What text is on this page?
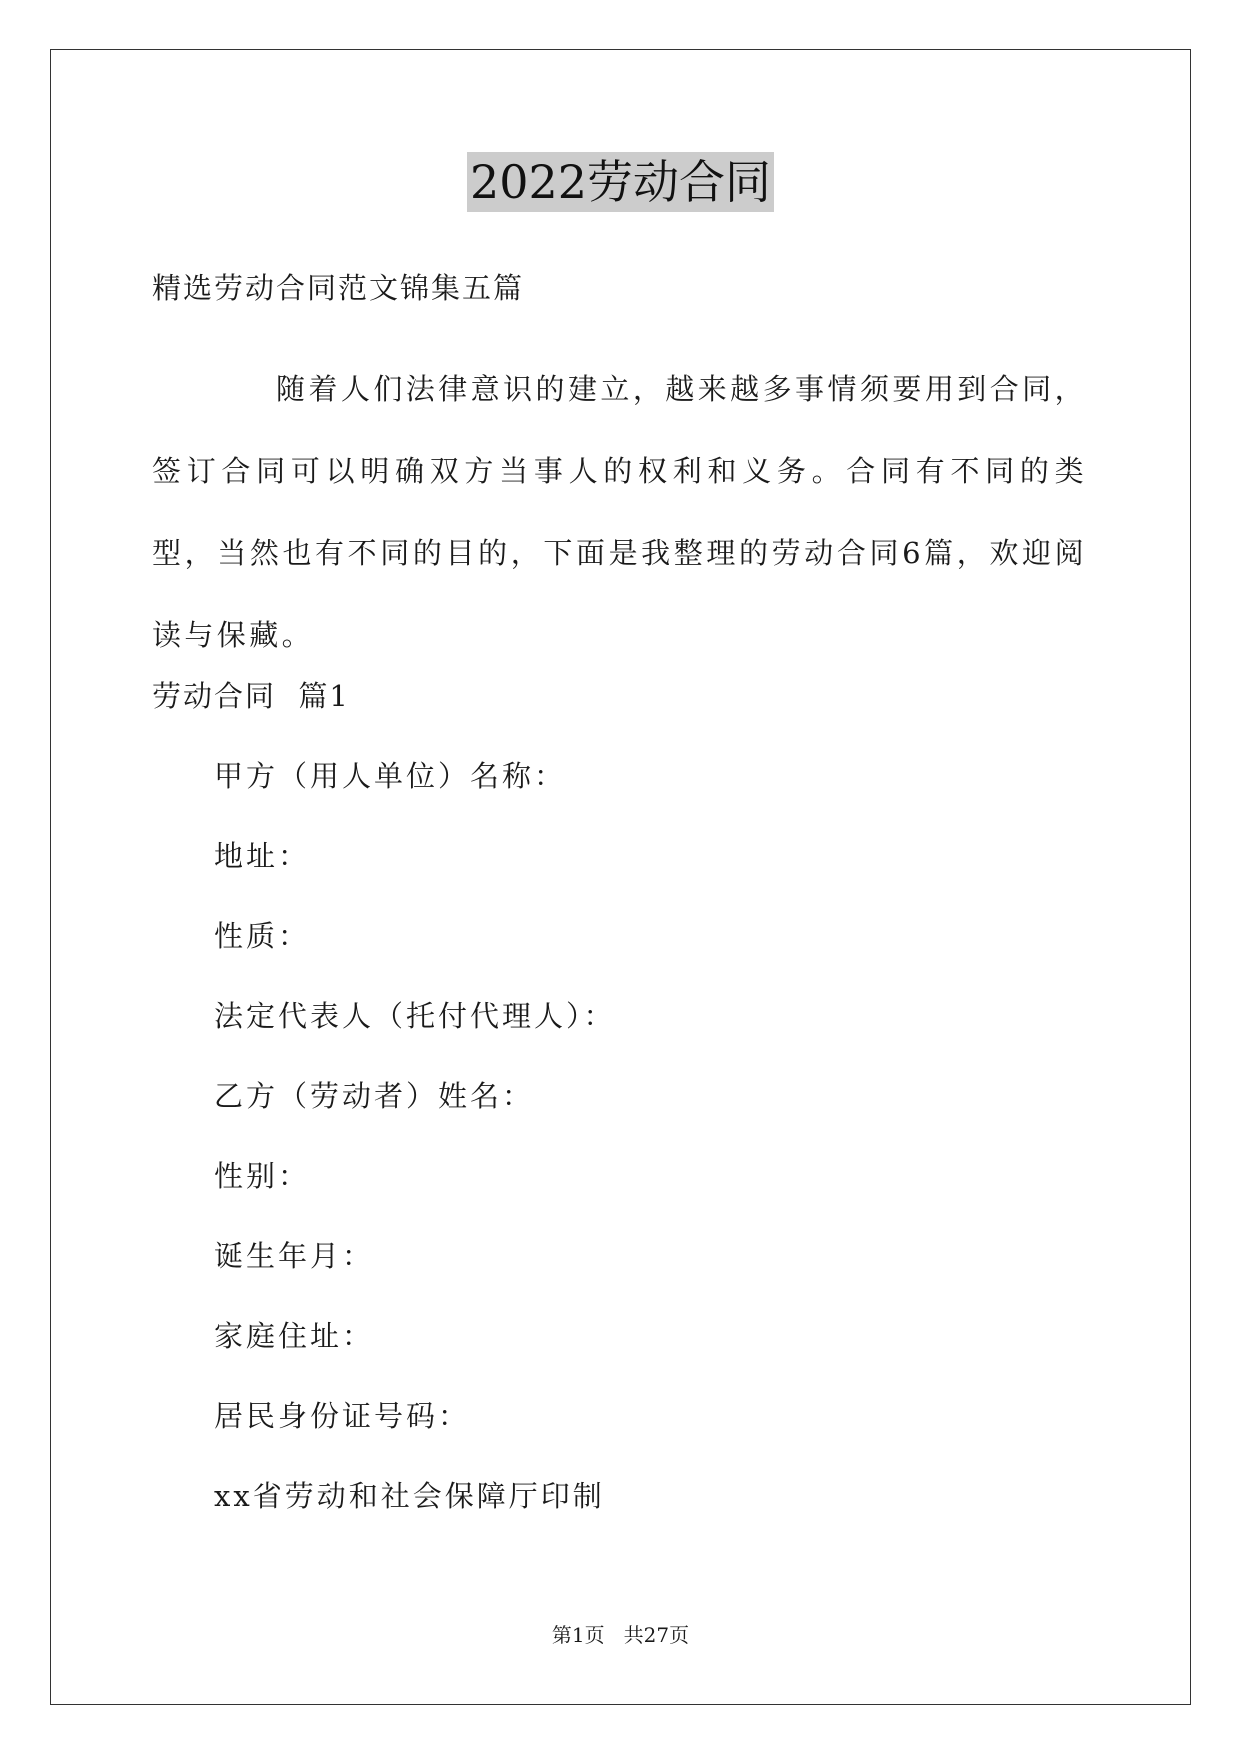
2022劳动合同
精选劳动合同范文锦集五篇

随着人们法律意识的建立，越来越多事情须要用到合同，签订合同可以明确双方当事人的权利和义务。合同有不同的类型，当然也有不同的目的，下面是我整理的劳动合同6篇，欢迎阅读与保藏。

劳动合同  篇1
甲方（用人单位）名称：
地址：
性质：
法定代表人（托付代理人）：
乙方（劳动者）姓名：
性别：
诞生年月：
家庭住址：
居民身份证号码：
xx省劳动和社会保障厅印制
第1页   共27页
